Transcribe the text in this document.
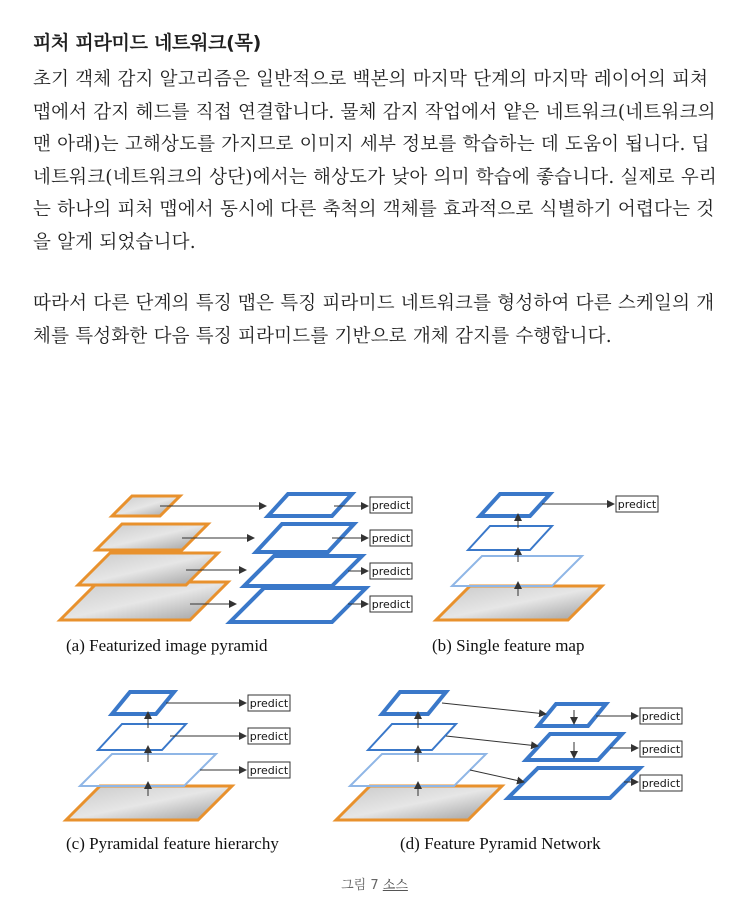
피처 피라미드 네트워크(목)

초기 객체 감지 알고리즘은 일반적으로 백본의 마지막 단계의 마지막 레이어의 피쳐 맵에서 감지 헤드를 직접 연결합니다. 물체 감지 작업에서 얕은 네트워크(네트워크의 맨 아래)는 고해상도를 가지므로 이미지 세부 정보를 학습하는 데 도움이 됩니다. 딥 네트워크(네트워크의 상단)에서는 해상도가 낮아 의미 학습에 좋습니다. 실제로 우리는 하나의 피처 맵에서 동시에 다른 축척의 객체를 효과적으로 식별하기 어렵다는 것을 알게 되었습니다.

따라서 다른 단계의 특징 맵은 특징 피라미드 네트워크를 형성하여 다른 스케일의 개체를 특성화한 다음 특징 피라미드를 기반으로 개체 감지를 수행합니다.

predict
predict
predict
predict
(a) Featurized image pyramid
predict
(b) Single feature map
predict
predict
predict
(c) Pyramidal feature hierarchy
predict
predict
predict
(d) Feature Pyramid Network
그림 7 소스
